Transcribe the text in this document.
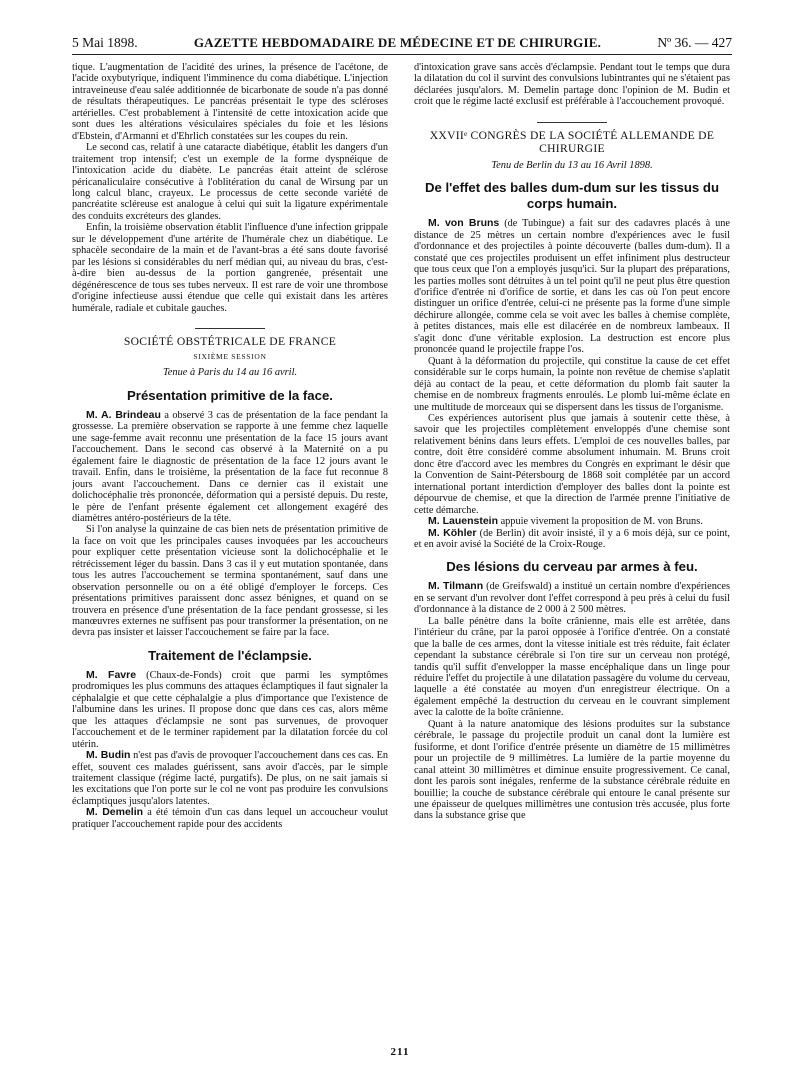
5 Mai 1898.	GAZETTE HEBDOMADAIRE DE MÉDECINE ET DE CHIRURGIE.	Nº 36. — 427

tique. L'augmentation de l'acidité des urines, la présence de l'acétone, de l'acide oxybutyrique, indiquent l'imminence du coma diabétique. L'injection intraveineuse d'eau salée additionnée de bicarbonate de soude n'a pas donné de résultats thérapeutiques. Le pancréas présentait le type des scléroses artérielles. C'est probablement à l'intensité de cette intoxication acide que sont dues les altérations vésiculaires spéciales du foie et les lésions d'Ebstein, d'Armanni et d'Ehrlich constatées sur les coupes du rein.

Le second cas, relatif à une cataracte diabétique, établit les dangers d'un traitement trop intensif; c'est un exemple de la forme dyspnéique de l'intoxication acide du diabète. Le pancréas était atteint de sclérose péricanaliculaire consécutive à l'oblitération du canal de Wirsung par un long calcul blanc, crayeux. Le processus de cette seconde variété de pancréatite scléreuse est analogue à celui qui suit la ligature expérimentale des conduits excréteurs des glandes.

Enfin, la troisième observation établit l'influence d'une infection grippale sur le développement d'une artérite de l'humérale chez un diabétique. Le sphacèle secondaire de la main et de l'avant-bras a été sans doute favorisé par les lésions si considérables du nerf médian qui, au niveau du bras, c'est-à-dire bien au-dessus de la portion gangrenée, présentait une dégénérescence de tous ses tubes nerveux. Il est rare de voir une thrombose d'origine infectieuse aussi étendue que celle qui existait dans les artères humérale, radiale et cubitale gauches.

SOCIÉTÉ OBSTÉTRICALE DE FRANCE
SIXIÈME SESSION
Tenue à Paris du 14 au 16 avril.
Présentation primitive de la face.

M. A. Brindeau a observé 3 cas de présentation de la face pendant la grossesse. La première observation se rapporte à une femme chez laquelle une sage-femme avait reconnu une présentation de la face 15 jours avant l'accouchement. Dans le second cas observé à la Maternité on a pu également faire le diagnostic de présentation de la face 12 jours avant le travail. Enfin, dans le troisième, la présentation de la face fut reconnue 8 jours avant l'accouchement. Dans ce dernier cas il existait une dolichocéphalie très prononcée, déformation qui a persisté depuis. Du reste, le père de l'enfant présente également cet allongement exagéré des diamètres antéro-postérieurs de la tête.

Si l'on analyse la quinzaine de cas bien nets de présentation primitive de la face on voit que les principales causes invoquées par les accoucheurs pour expliquer cette présentation vicieuse sont la dolichocéphalie et le rétrécissement léger du bassin. Dans 3 cas il y eut mutation spontanée, dans tous les autres l'accouchement se termina spontanément, sauf dans une observation personnelle ou on a été obligé d'employer le forceps. Ces présentations primitives paraissent donc assez bénignes, et quand on se trouvera en présence d'une présentation de la face pendant grossesse, si les manœuvres externes ne suffisent pas pour transformer la présentation, on ne devra pas insister et laisser l'accouchement se faire par la face.

Traitement de l'éclampsie.

M. Favre (Chaux-de-Fonds) croit que parmi les symptômes prodromiques les plus communs des attaques éclamptiques il faut signaler la céphalalgie et que cette céphalalgie a plus d'importance que l'existence de l'albumine dans les urines. Il propose donc que dans ces cas, alors même que les attaques d'éclampsie ne sont pas survenues, de provoquer l'accouchement et de le terminer rapidement par la dilatation forcée du col utérin.

M. Budin n'est pas d'avis de provoquer l'accouchement dans ces cas. En effet, souvent ces malades guérissent, sans avoir d'accès, par le simple traitement classique (régime lacté, purgatifs). De plus, on ne sait jamais si les excitations que l'on porte sur le col ne vont pas produire les convulsions éclamptiques jusqu'alors latentes.

M. Demelin a été témoin d'un cas dans lequel un accoucheur voulut pratiquer l'accouchement rapide pour des accidents

d'intoxication grave sans accès d'éclampsie. Pendant tout le temps que dura la dilatation du col il survint des convulsions lubintrantes qui ne s'étaient pas déclarées jusqu'alors. M. Demelin partage donc l'opinion de M. Budin et croit que le régime lacté exclusif est préférable à l'accouchement provoqué.

XXVIIᵉ CONGRÈS DE LA SOCIÉTÉ ALLEMANDE DE CHIRURGIE
Tenu de Berlin du 13 au 16 Avril 1898.
De l'effet des balles dum-dum sur les tissus du corps humain.

M. von Bruns (de Tubingue) a fait sur des cadavres placés à une distance de 25 mètres un certain nombre d'expériences avec le fusil d'ordonnance et des projectiles à pointe découverte (balles dum-dum). Il a constaté que ces projectiles produisent un effet infiniment plus destructeur que tous ceux que l'on a employés jusqu'ici. Sur la plupart des préparations, les parties molles sont détruites à un tel point qu'il ne peut plus être question d'orifice d'entrée ni d'orifice de sortie, et dans les cas où l'on peut encore distinguer un orifice d'entrée, celui-ci ne présente pas la forme d'une simple déchirure allongée, comme cela se voit avec les balles à chemise complète, à petites distances, mais elle est dilacérée en de nombreux lambeaux. Il s'agit donc d'une véritable explosion. La destruction est encore plus prononcée quand le projectile frappe l'os.

Quant à la déformation du projectile, qui constitue la cause de cet effet considérable sur le corps humain, la pointe non revêtue de chemise s'aplatit déjà au contact de la peau, et cette déformation du plomb fait sauter la chemise en de nombreux fragments enroulés. Le plomb lui-même éclate en une multitude de morceaux qui se dispersent dans les tissus de l'organisme.

Ces expériences autorisent plus que jamais à soutenir cette thèse, à savoir que les projectiles complètement enveloppés d'une chemise sont relativement bénins dans leurs effets. L'emploi de ces nouvelles balles, par contre, doit être considéré comme absolument inhumain. M. Bruns croit donc être d'accord avec les membres du Congrès en exprimant le désir que la Convention de Saint-Pétersbourg de 1868 soit complétée par un accord international portant interdiction d'employer des balles dont la pointe est dépourvue de chemise, et que la direction de l'armée prenne l'initiative de cette démarche.

M. Lauenstein appuie vivement la proposition de M. von Bruns.

M. Köhler (de Berlin) dit avoir insisté, il y a 6 mois déjà, sur ce point, et en avoir avisé la Société de la Croix-Rouge.

Des lésions du cerveau par armes à feu.

M. Tilmann (de Greifswald) a institué un certain nombre d'expériences en se servant d'un revolver dont l'effet correspond à peu près à celui du fusil d'ordonnance à la distance de 2 000 à 2 500 mètres.

La balle pénètre dans la boîte crânienne, mais elle est arrêtée, dans l'intérieur du crâne, par la paroi opposée à l'orifice d'entrée. On a constaté que la balle de ces armes, dont la vitesse initiale est très réduite, fait éclater cependant la substance cérébrale si l'on tire sur un cerveau non protégé, tandis qu'il suffit d'envelopper la masse encéphalique dans un linge pour réduire l'effet du projectile à une dilatation passagère du volume du cerveau, laquelle a été constatée au moyen d'un enregistreur électrique. On a également empêché la destruction du cerveau en le couvrant simplement avec la calotte de la boîte crânienne.

Quant à la nature anatomique des lésions produites sur la substance cérébrale, le passage du projectile produit un canal dont la lumière est fusiforme, et dont l'orifice d'entrée présente un diamètre de 15 millimètres pour un projectile de 9 millimètres. La lumière de la partie moyenne du canal atteint 30 millimètres et diminue ensuite progressivement. Ce canal, dont les parois sont inégales, renferme de la substance cérébrale réduite en bouillie; la couche de substance cérébrale qui entoure le canal présente sur une épaisseur de quelques millimètres une contusion très accusée, plus forte dans la substance grise que

211
